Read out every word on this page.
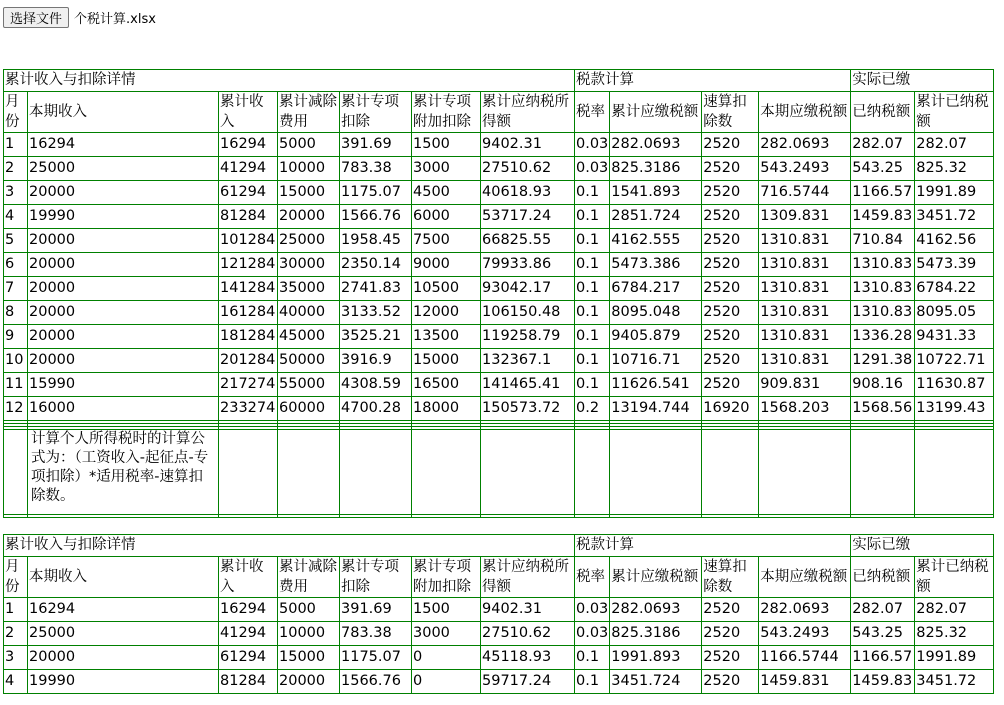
选择文件 个税计算.xlsx
累计收入与扣除详情							税款计算				实际已缴	
月份	本期收入	累计收入	累计减除费用	累计专项扣除	累计专项附加扣除	累计应纳税所得额	税率	累计应缴税额	速算扣除数	本期应缴税额	已纳税额	累计已纳税额
1	16294	16294	5000	391.69	1500	9402.31	0.03	282.0693	2520	282.0693	282.07	282.07
2	25000	41294	10000	783.38	3000	27510.62	0.03	825.3186	2520	543.2493	543.25	825.32
3	20000	61294	15000	1175.07	4500	40618.93	0.1	1541.893	2520	716.5744	1166.57	1991.89
4	19990	81284	20000	1566.76	6000	53717.24	0.1	2851.724	2520	1309.831	1459.83	3451.72
5	20000	101284	25000	1958.45	7500	66825.55	0.1	4162.555	2520	1310.831	710.84	4162.56
6	20000	121284	30000	2350.14	9000	79933.86	0.1	5473.386	2520	1310.831	1310.83	5473.39
7	20000	141284	35000	2741.83	10500	93042.17	0.1	6784.217	2520	1310.831	1310.83	6784.22
8	20000	161284	40000	3133.52	12000	106150.48	0.1	8095.048	2520	1310.831	1310.83	8095.05
9	20000	181284	45000	3525.21	13500	119258.79	0.1	9405.879	2520	1310.831	1336.28	9431.33
10	20000	201284	50000	3916.9	15000	132367.1	0.1	10716.71	2520	1310.831	1291.38	10722.71
11	15990	217274	55000	4308.59	16500	141465.41	0.1	11626.541	2520	909.831	908.16	11630.87
12	16000	233274	60000	4700.28	18000	150573.72	0.2	13194.744	16920	1568.203	1568.56	13199.43

	计算个人所得税时的计算公式为：（工资收入-起征点-专项扣除）*适用税率-速算扣除数。											

累计收入与扣除详情							税款计算				实际已缴	
月份	本期收入	累计收入	累计减除费用	累计专项扣除	累计专项附加扣除	累计应纳税所得额	税率	累计应缴税额	速算扣除数	本期应缴税额	已纳税额	累计已纳税额
1	16294	16294	5000	391.69	1500	9402.31	0.03	282.0693	2520	282.0693	282.07	282.07
2	25000	41294	10000	783.38	3000	27510.62	0.03	825.3186	2520	543.2493	543.25	825.32
3	20000	61294	15000	1175.07	0	45118.93	0.1	1991.893	2520	1166.5744	1166.57	1991.89
4	19990	81284	20000	1566.76	0	59717.24	0.1	3451.724	2520	1459.831	1459.83	3451.72
